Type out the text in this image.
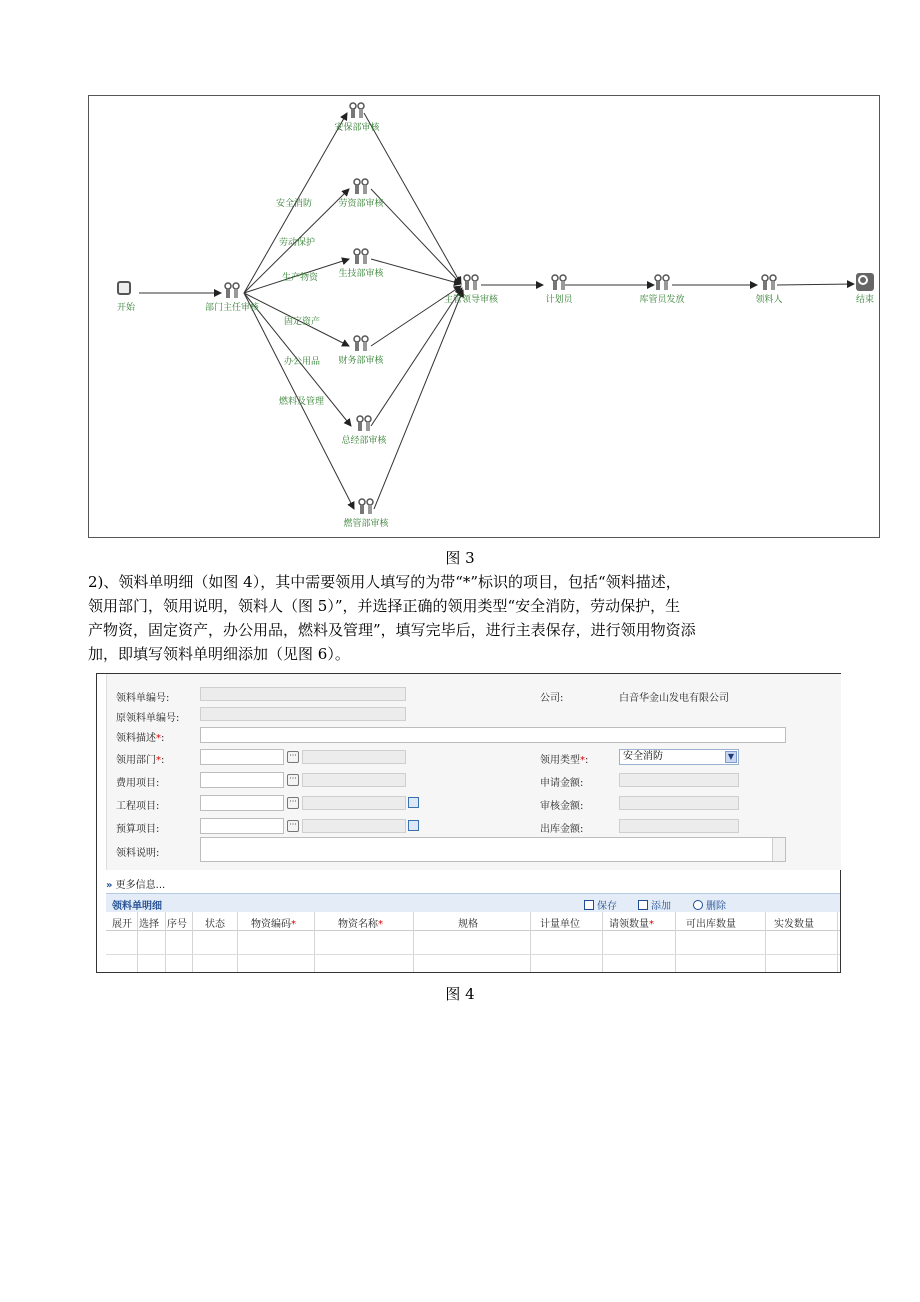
开始	部门主任审核
安保部审核
劳资部审核
生技部审核
财务部审核
总经部审核
燃管部审核
主管领导审核	计划员	库管员发放	领料人	结束
安全消防
劳动保护
生产物资
固定资产
办公用品
燃料及管理
图 3
2)、领料单明细（如图 4），其中需要领用人填写的为带“*”标识的项目，包括“领料描述，
领用部门，领用说明，领料人（图 5）”，并选择正确的领用类型“安全消防，劳动保护，生
产物资，固定资产，办公用品，燃料及管理”，填写完毕后，进行主表保存，进行领用物资添
加，即填写领料单明细添加（见图 6）。
领料单编号:
原领料单编号:
领料描述*:
领用部门*:	···
费用项目:	···
工程项目:	···
预算项目:	···
领料说明:
公司:	白音华金山发电有限公司
领用类型*:	安全消防	▼
申请金额:
审核金额:
出库金额:
» 更多信息...
领料单明细	保存	添加	删除
展开 选择 序号 状态	物资编码*	物资名称*	规格	计量单位	请领数量*	可出库数量	实发数量
图 4
